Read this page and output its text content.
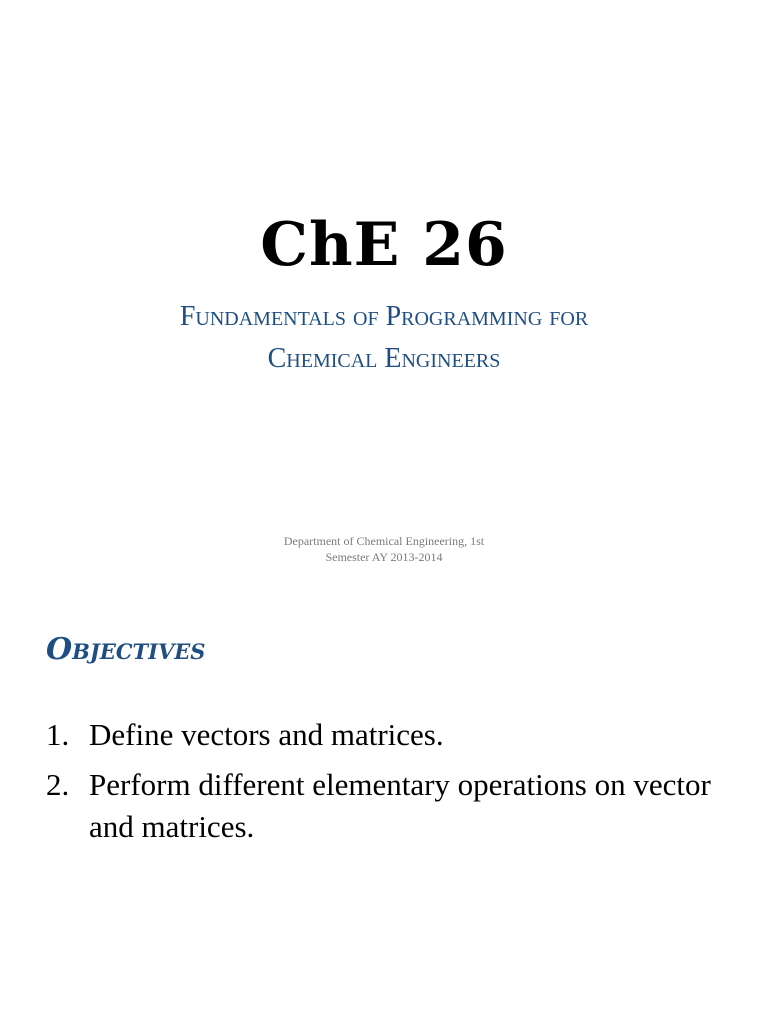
ChE 26
Fundamentals of Programming for
Chemical Engineers
Department of Chemical Engineering, 1st
Semester AY 2013-2014
Objectives
1. Define vectors and matrices.
2. Perform different elementary operations on vector and matrices.
